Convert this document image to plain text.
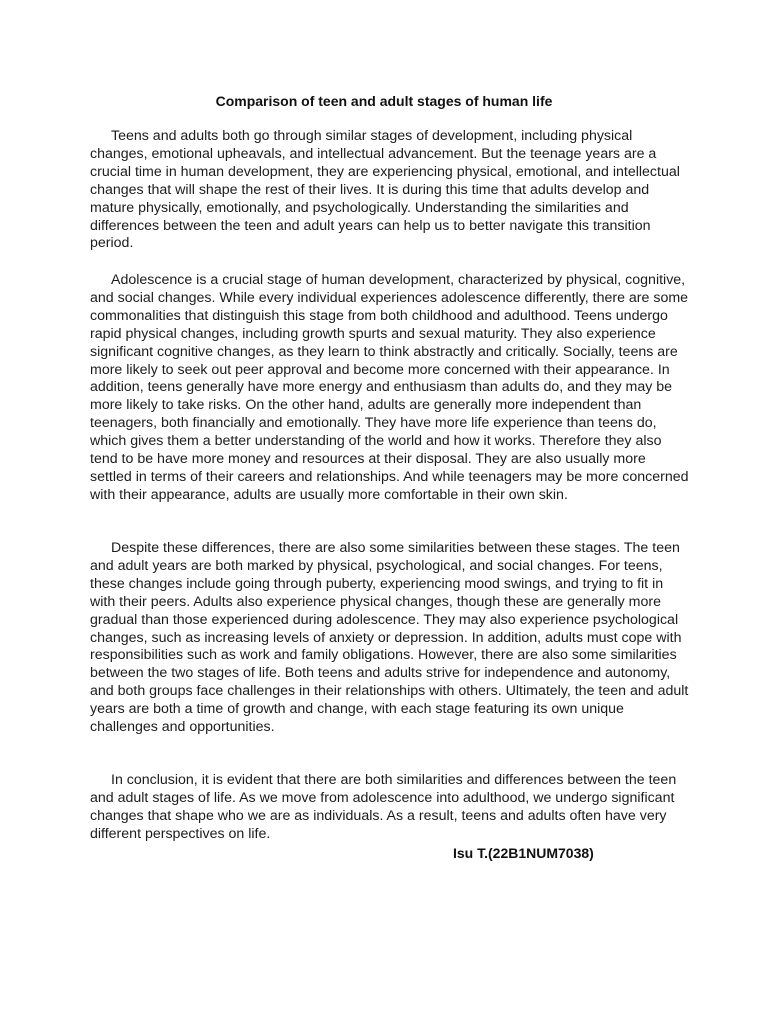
Comparison of teen and adult stages of human life

Teens and adults both go through similar stages of development, including physical changes, emotional upheavals, and intellectual advancement. But the teenage years are a crucial time in human development, they are experiencing physical, emotional, and intellectual changes that will shape the rest of their lives. It is during this time that adults develop and mature physically, emotionally, and psychologically. Understanding the similarities and differences between the teen and adult years can help us to better navigate this transition period.

Adolescence is a crucial stage of human development, characterized by physical, cognitive, and social changes. While every individual experiences adolescence differently, there are some commonalities that distinguish this stage from both childhood and adulthood. Teens undergo rapid physical changes, including growth spurts and sexual maturity. They also experience significant cognitive changes, as they learn to think abstractly and critically. Socially, teens are more likely to seek out peer approval and become more concerned with their appearance. In addition, teens generally have more energy and enthusiasm than adults do, and they may be more likely to take risks. On the other hand, adults are generally more independent than teenagers, both financially and emotionally. They have more life experience than teens do, which gives them a better understanding of the world and how it works. Therefore they also tend to be have more money and resources at their disposal. They are also usually more settled in terms of their careers and relationships. And while teenagers may be more concerned with their appearance, adults are usually more comfortable in their own skin.

Despite these differences, there are also some similarities between these stages. The teen and adult years are both marked by physical, psychological, and social changes. For teens, these changes include going through puberty, experiencing mood swings, and trying to fit in with their peers. Adults also experience physical changes, though these are generally more gradual than those experienced during adolescence. They may also experience psychological changes, such as increasing levels of anxiety or depression. In addition, adults must cope with responsibilities such as work and family obligations. However, there are also some similarities between the two stages of life. Both teens and adults strive for independence and autonomy, and both groups face challenges in their relationships with others. Ultimately, the teen and adult years are both a time of growth and change, with each stage featuring its own unique challenges and opportunities.

In conclusion, it is evident that there are both similarities and differences between the teen and adult stages of life. As we move from adolescence into adulthood, we undergo significant changes that shape who we are as individuals. As a result, teens and adults often have very different perspectives on life.

Isu T.(22B1NUM7038)
